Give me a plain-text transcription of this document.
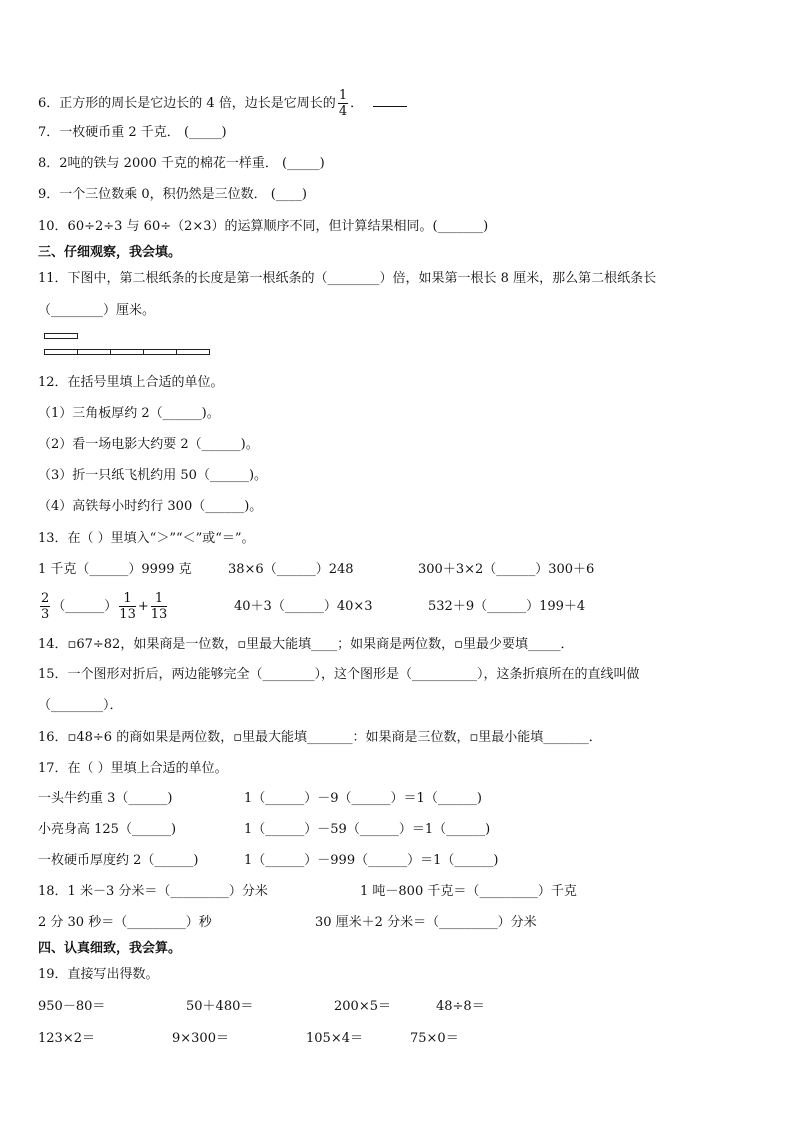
6．正方形的周长是它边长的 4 倍，边长是它周长的 $\frac{1}{4}$ ．
7．一枚硬币重 2 千克． (_____)
8．2吨的铁与 2000 千克的棉花一样重． (_____)
9．一个三位数乘 0，积仍然是三位数． (____)
10．60÷2÷3 与 60÷（2×3）的运算顺序不同，但计算结果相同。(_______)
三、仔细观察，我会填。
11．下图中，第二根纸条的长度是第一根纸条的（________）倍，如果第一根长 8 厘米，那么第二根纸条长
（________）厘米。
12．在括号里填上合适的单位。
（1）三角板厚约 2（______)。
（2）看一场电影大约要 2（______)。
（3）折一只纸飞机约用 50（______)。
（4）高铁每小时约行 300（______)。
13．在（ ）里填入“＞”“＜”或“＝”。
1 千克（______）9999 克	38×6（______）248	300＋3×2（______）300＋6
$\frac{2}{3}$ （______） $\frac{1}{13} + \frac{1}{13}$	40＋3（______）40×3	532＋9（______）199＋4
14．▫67÷82，如果商是一位数，▫里最大能填____；如果商是两位数，▫里最少要填_____．
15．一个图形对折后，两边能够完全（________），这个图形是（__________），这条折痕所在的直线叫做
（________）．
16．▫48÷6 的商如果是两位数，▫里最大能填_______：如果商是三位数，▫里最小能填_______．
17．在（ ）里填上合适的单位。
一头牛约重 3（______)	1（______）－9（______）＝1（______)
小亮身高 125（______)	1（______）－59（______）＝1（______)
一枚硬币厚度约 2（______)	1（______）－999（______）＝1（______)
18．1 米－3 分米＝（_________）分米	1 吨－800 千克＝（_________）千克
2 分 30 秒＝（_________）秒	30 厘米＋2 分米＝（_________）分米
四、认真细致，我会算。
19．直接写出得数。
950－80＝	50＋480＝	200×5＝	48÷8＝
123×2＝	9×300＝	105×4＝	75×0＝
